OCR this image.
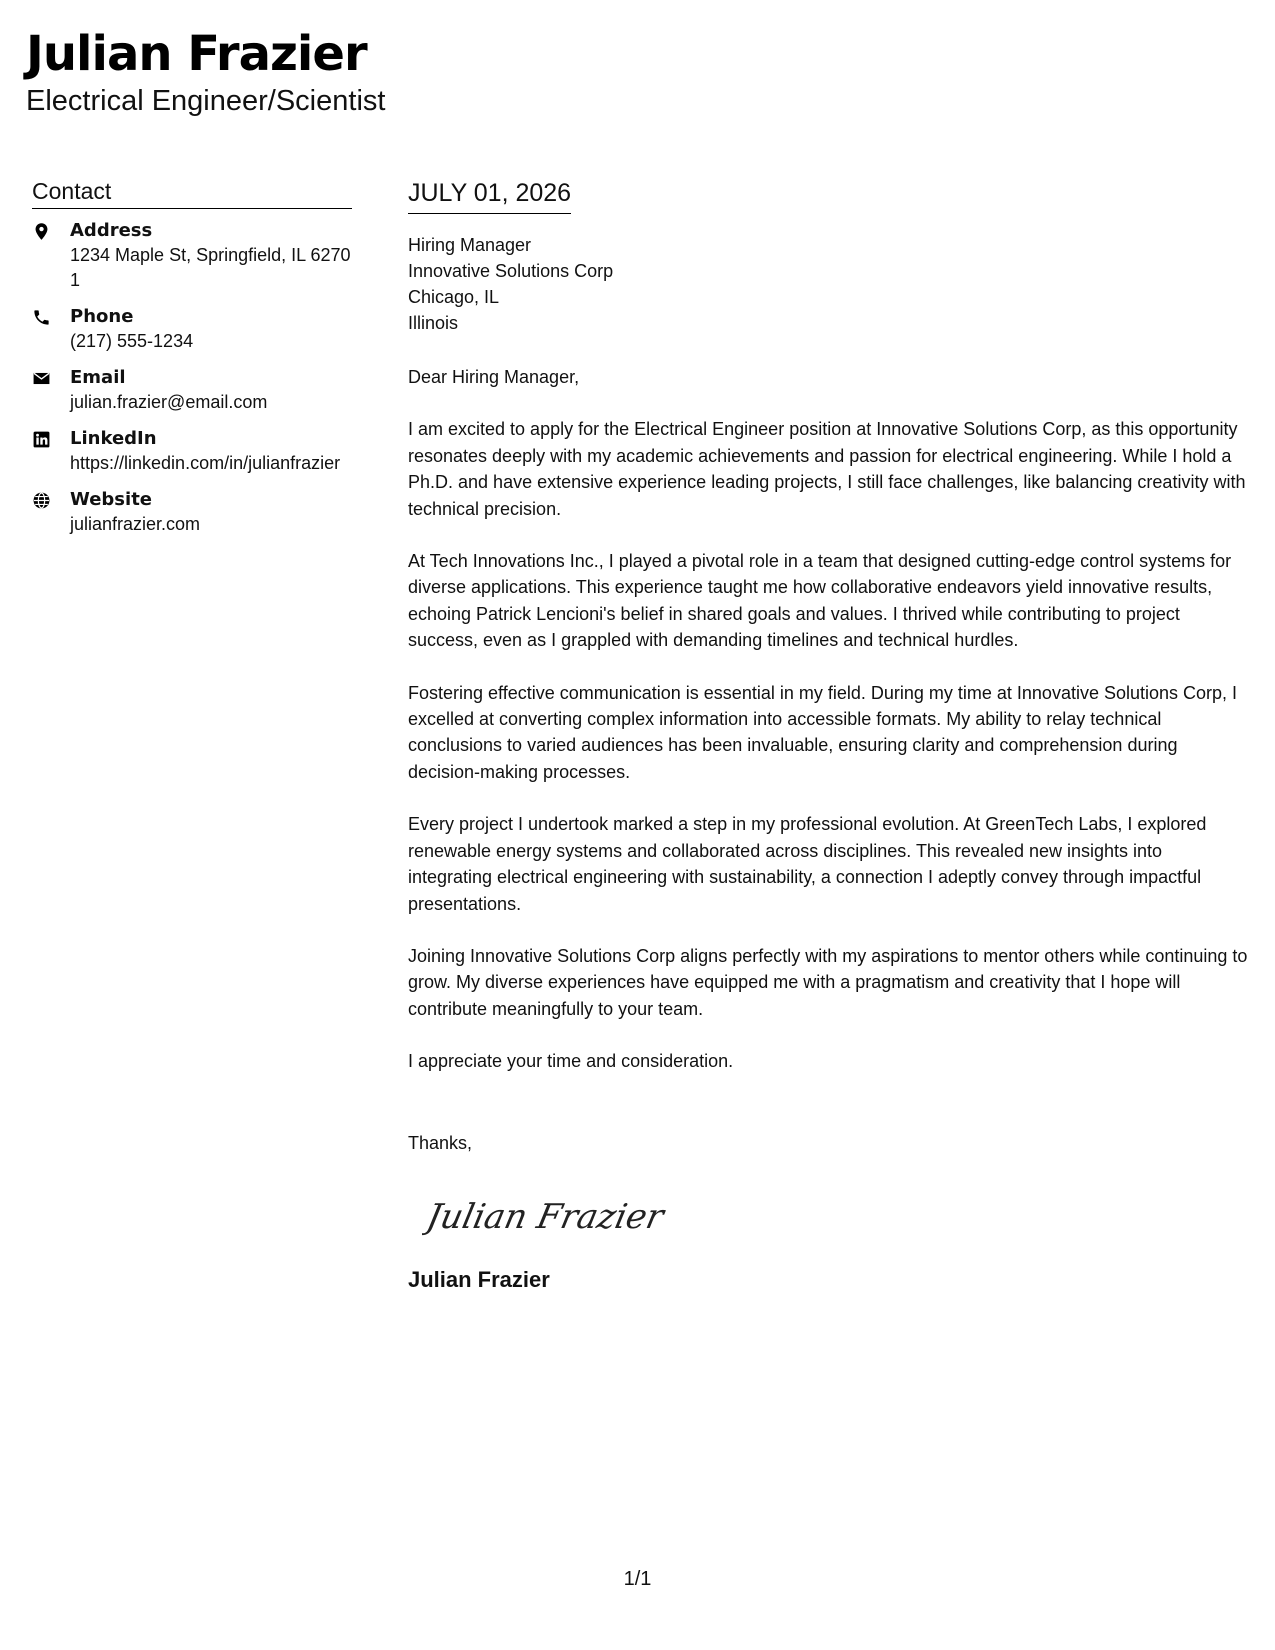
Julian Frazier
Electrical Engineer/Scientist
Contact
Address
1234 Maple St, Springfield, IL 62701
Phone
(217) 555-1234
Email
julian.frazier@email.com
LinkedIn
https://linkedin.com/in/julianfrazier
Website
julianfrazier.com
JULY 01, 2026
Hiring Manager
Innovative Solutions Corp
Chicago, IL
Illinois
Dear Hiring Manager,
I am excited to apply for the Electrical Engineer position at Innovative Solutions Corp, as this opportunity resonates deeply with my academic achievements and passion for electrical engineering. While I hold a Ph.D. and have extensive experience leading projects, I still face challenges, like balancing creativity with technical precision.
At Tech Innovations Inc., I played a pivotal role in a team that designed cutting-edge control systems for diverse applications. This experience taught me how collaborative endeavors yield innovative results, echoing Patrick Lencioni's belief in shared goals and values. I thrived while contributing to project success, even as I grappled with demanding timelines and technical hurdles.
Fostering effective communication is essential in my field. During my time at Innovative Solutions Corp, I excelled at converting complex information into accessible formats. My ability to relay technical conclusions to varied audiences has been invaluable, ensuring clarity and comprehension during decision-making processes.
Every project I undertook marked a step in my professional evolution. At GreenTech Labs, I explored renewable energy systems and collaborated across disciplines. This revealed new insights into integrating electrical engineering with sustainability, a connection I adeptly convey through impactful presentations.
Joining Innovative Solutions Corp aligns perfectly with my aspirations to mentor others while continuing to grow. My diverse experiences have equipped me with a pragmatism and creativity that I hope will contribute meaningfully to your team.
I appreciate your time and consideration.
Thanks,
Julian Frazier
Julian Frazier
1/1
